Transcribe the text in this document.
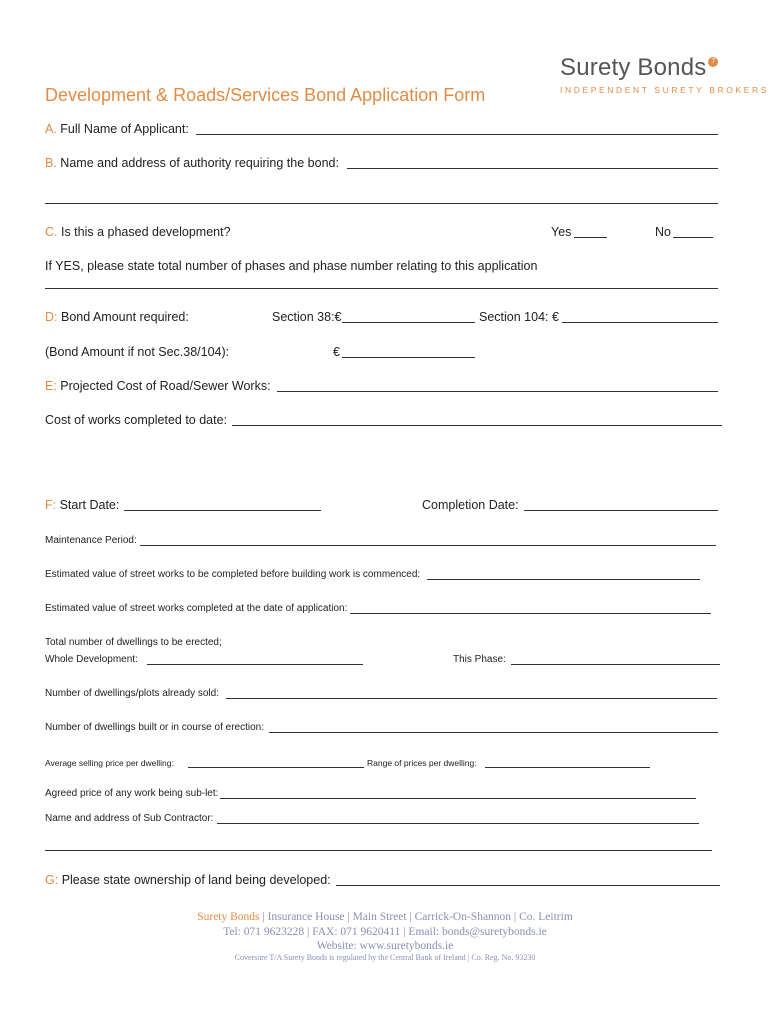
Surety Bonds 7
INDEPENDENT SURETY BROKERS
Development & Roads/Services Bond Application Form
A. Full Name of Applicant:
B. Name and address of authority requiring the bond:
C. Is this a phased development?	Yes	No
If YES, please state total number of phases and phase number relating to this application
D: Bond Amount required:	Section 38:€	Section 104: €
(Bond Amount if not Sec.38/104):	€
E: Projected Cost of Road/Sewer Works:
Cost of works completed to date:
F: Start Date:	Completion Date:
Maintenance Period:
Estimated value of street works to be completed before building work is commenced:
Estimated value of street works completed at the date of application:
Total number of dwellings to be erected;
Whole Development:	This Phase:
Number of dwellings/plots already sold:
Number of dwellings built or in course of erection:
Average selling price per dwelling:	Range of prices per dwelling:
Agreed price of any work being sub-let:
Name and address of Sub Contractor:
G: Please state ownership of land being developed:
Surety Bonds | Insurance House | Main Street | Carrick-On-Shannon | Co. Leitrim
Tel: 071 9623228 | FAX: 071 9620411 | Email: bonds@suretybonds.ie
Website: www.suretybonds.ie
Coversure T/A Surety Bonds is regulated by the Central Bank of Ireland | Co. Reg. No. 93230
